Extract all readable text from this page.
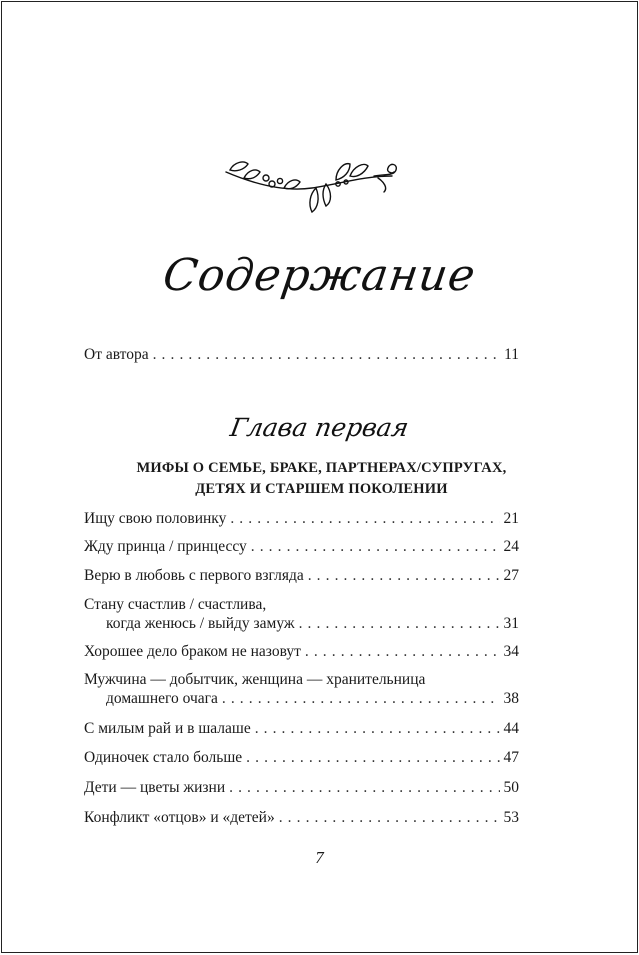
Содержание
От автора . . .	11
Глава первая
МИФЫ О СЕМЬЕ, БРАКЕ, ПАРТНЕРАХ/СУПРУГАХ,
ДЕТЯХ И СТАРШЕМ ПОКОЛЕНИИ
Ищу свою половинку . . .	21
Жду принца / принцессу . . .	24
Верю в любовь с первого взгляда . . .	27
Стану счастлив / счастлива,
когда женюсь / выйду замуж . . .	31
Хорошее дело браком не назовут . . .	34
Мужчина — добытчик, женщина — хранительница
домашнего очага . . .	38
С милым рай и в шалаше . . .	44
Одиночек стало больше . . .	47
Дети — цветы жизни . . .	50
Конфликт «отцов» и «детей» . . .	53
7
